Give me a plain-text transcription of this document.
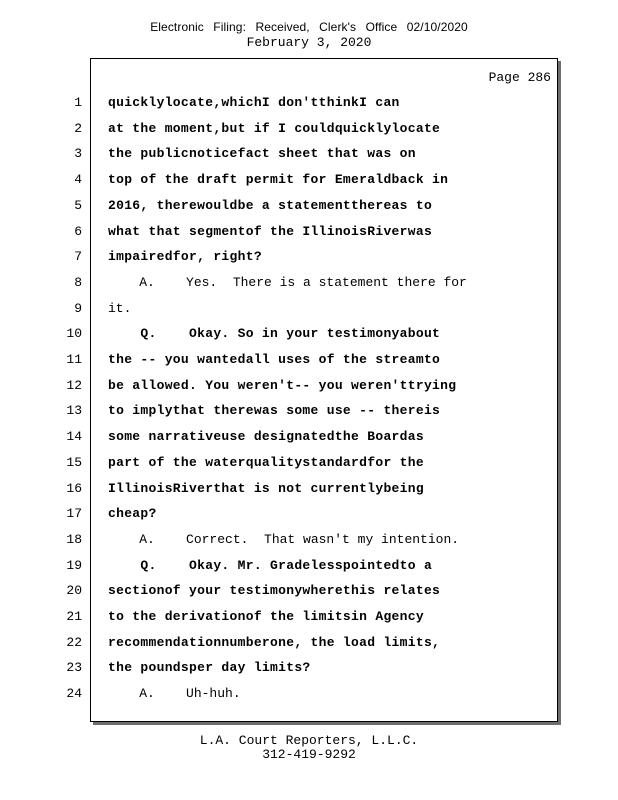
Electronic Filing: Received, Clerk's Office 02/10/2020
February 3, 2020
Page 286
1 quicklylocate,whichI don'tthinkI can
2 at the moment,but if I couldquicklylocate
3 the publicnoticefact sheet that was on
4 top of the draft permit for Emeraldback in
5 2016, therewouldbe a statementthereas to
6 what that segmentof the IllinoisRiverwas
7 impairedfor, right?
8 A.    Yes.  There is a statement there for
9 it.
10 Q.    Okay. So in your testimonyabout
11 the -- you wantedall uses of the streamto
12 be allowed. You weren't-- you weren'ttrying
13 to implythat therewas some use -- thereis
14 some narrativeuse designatedthe Boardas
15 part of the waterqualitystandardfor the
16 IllinoisRiverthat is not currentlybeing
17 cheap?
18 A.    Correct.  That wasn't my intention.
19 Q.    Okay. Mr. Gradelesspointedto a
20 sectionof your testimonywherethis relates
21 to the derivationof the limitsin Agency
22 recommendationnumberone, the load limits,
23 the poundsper day limits?
24 A.    Uh-huh.
L.A. Court Reporters, L.L.C.
312-419-9292
